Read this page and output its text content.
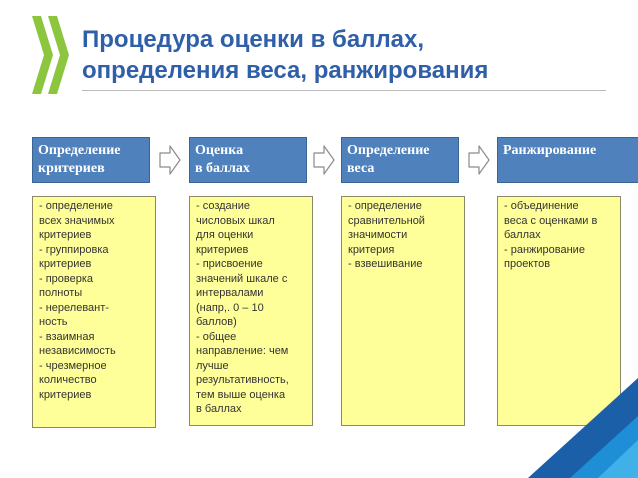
Процедура оценки в баллах,
определения веса, ранжирования
Определение
критериев
- определение
всех значимых
критериев
- группировка
критериев
- проверка
полноты
- нерелевант-
ность
- взаимная
независимость
- чрезмерное
количество
критериев
Оценка
в баллах
- создание
числовых шкал
для оценки
критериев
- присвоение
значений шкале с
интервалами
(напр,. 0 – 10
баллов)
- общее
направление: чем
лучше
результативность,
тем выше оценка
в баллах
Определение
веса
- определение
сравнительной
значимости
критерия
- взвешивание
Ранжирование
- объединение
веса с оценками в
баллах
- ранжирование
проектов
